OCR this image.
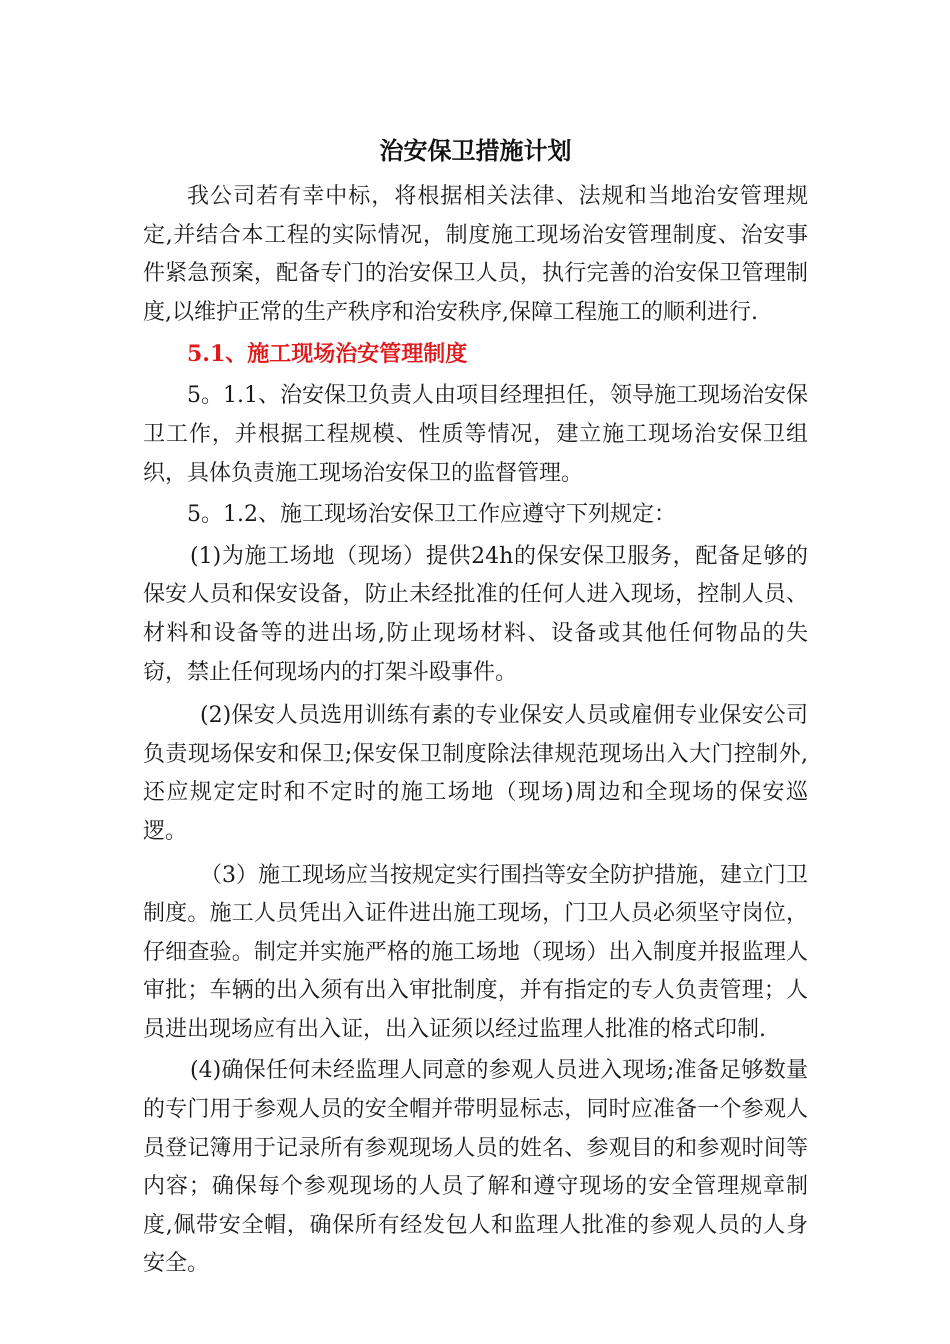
治安保卫措施计划

我公司若有幸中标，将根据相关法律、法规和当地治安管理规定,并结合本工程的实际情况，制度施工现场治安管理制度、治安事件紧急预案，配备专门的治安保卫人员，执行完善的治安保卫管理制度,以维护正常的生产秩序和治安秩序,保障工程施工的顺利进行.

5.1、施工现场治安管理制度

5。1.1、治安保卫负责人由项目经理担任，领导施工现场治安保卫工作，并根据工程规模、性质等情况，建立施工现场治安保卫组织，具体负责施工现场治安保卫的监督管理。

5。1.2、施工现场治安保卫工作应遵守下列规定：

(1)为施工场地（现场）提供24h的保安保卫服务，配备足够的保安人员和保安设备，防止未经批准的任何人进入现场，控制人员、材料和设备等的进出场,防止现场材料、设备或其他任何物品的失窃，禁止任何现场内的打架斗殴事件。

(2)保安人员选用训练有素的专业保安人员或雇佣专业保安公司负责现场保安和保卫;保安保卫制度除法律规范现场出入大门控制外,还应规定定时和不定时的施工场地（现场)周边和全现场的保安巡逻。

（3）施工现场应当按规定实行围挡等安全防护措施，建立门卫制度。施工人员凭出入证件进出施工现场，门卫人员必须坚守岗位，仔细查验。制定并实施严格的施工场地（现场）出入制度并报监理人审批；车辆的出入须有出入审批制度，并有指定的专人负责管理；人员进出现场应有出入证，出入证须以经过监理人批准的格式印制.

(4)确保任何未经监理人同意的参观人员进入现场;准备足够数量的专门用于参观人员的安全帽并带明显标志，同时应准备一个参观人员登记簿用于记录所有参观现场人员的姓名、参观目的和参观时间等内容；确保每个参观现场的人员了解和遵守现场的安全管理规章制度,佩带安全帽，确保所有经发包人和监理人批准的参观人员的人身安全。
